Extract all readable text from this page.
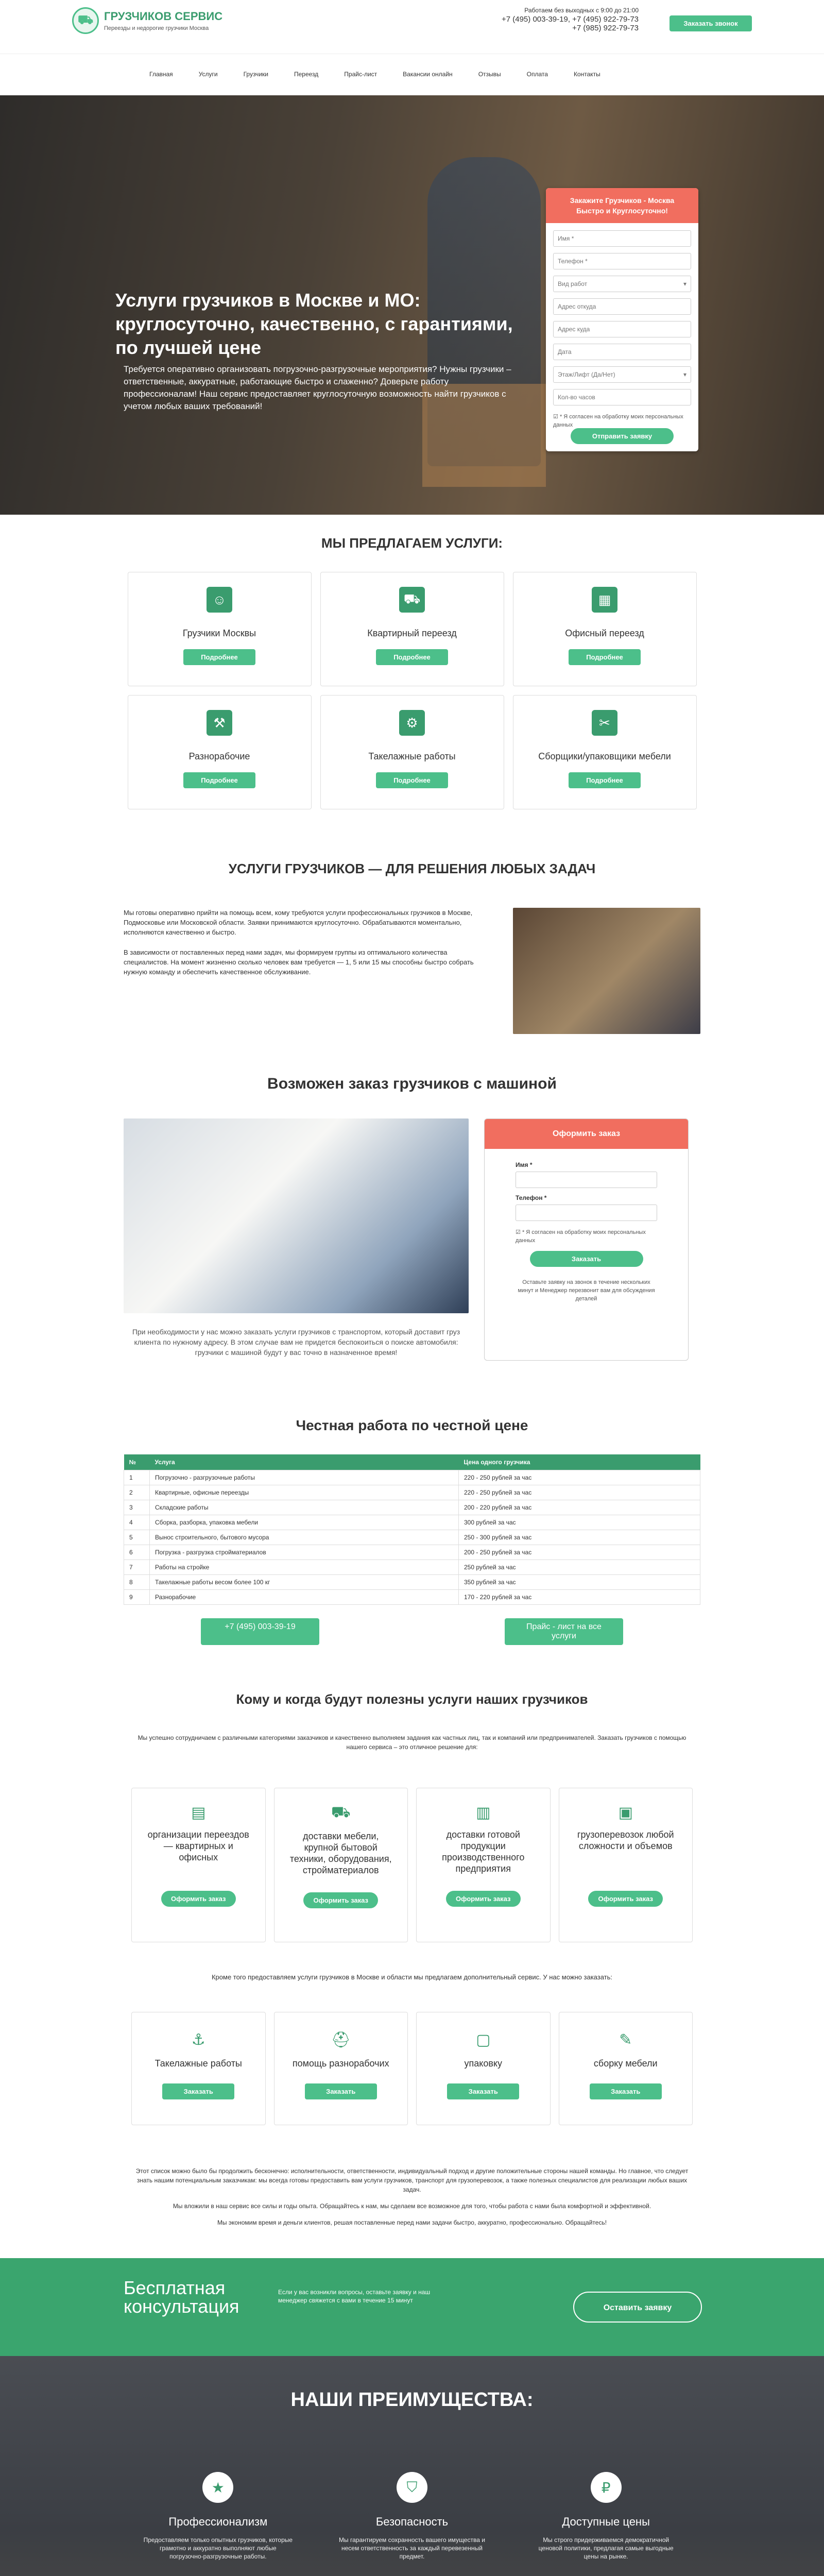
⛟ ГРУЗЧИКОВ СЕРВИС
Переезды и недорогие грузчики Москва
Работаем без выходных с 9:00 до 21:00
+7 (495) 003-39-19, +7 (495) 922-79-73
+7 (985) 922-79-73
Заказать звонок
Главная	Услуги	Грузчики	Переезд	Прайс-лист	Вакансии онлайн	Отзывы	Оплата	Контакты
Услуги грузчиков в Москве и МО: круглосуточно, качественно, с гарантиями, по лучшей цене

Требуется оперативно организовать погрузочно-разгрузочные мероприятия? Нужны грузчики – ответственные, аккуратные, работающие быстро и слаженно? Доверьте работу профессионалам! Наш сервис предоставляет круглосуточную возможность найти грузчиков с учетом любых ваших требований!

Закажите Грузчиков - Москва Быстро и Круглосуточно!
Имя *
Телефон *
Вид работ	▾
Адрес откуда
Адрес куда
Дата
Этаж/Лифт (Да/Нет)	▾
Кол-во часов ☑ * Я согласен на обработку моих персональных данных
Отправить заявку
МЫ ПРЕДЛАГАЕМ УСЛУГИ:
☺
Грузчики Москвы
Подробнее
⛟
Квартирный переезд
Подробнее
▦
Офисный переезд
Подробнее
⚒
Разнорабочие
Подробнее
⚙
Такелажные работы
Подробнее
✂
Сборщики/упаковщики мебели
Подробнее
УСЛУГИ ГРУЗЧИКОВ — ДЛЯ РЕШЕНИЯ ЛЮБЫХ ЗАДАЧ

Мы готовы оперативно прийти на помощь всем, кому требуются услуги профессиональных грузчиков в Москве, Подмосковье или Московской области. Заявки принимаются круглосуточно. Обрабатываются моментально, исполняются качественно и быстро.

В зависимости от поставленных перед нами задач, мы формируем группы из оптимального количества специалистов. На момент жизненно сколько человек вам требуется — 1, 5 или 15 мы способны быстро собрать нужную команду и обеспечить качественное обслуживание.

Возможен заказ грузчиков с машиной

При необходимости у нас можно заказать услуги грузчиков с транспортом, который доставит груз клиента по нужному адресу. В этом случае вам не придется беспокоиться о поиске автомобиля: грузчики с машиной будут у вас точно в назначенное время!

Оформить заказ
Имя *
Телефон *
☑ * Я согласен на обработку моих персональных данных
Заказать

Оставьте заявку на звонок в течение нескольких минут и Менеджер перезвонит вам для обсуждения деталей

Честная работа по честной цене
№	Услуга	Цена одного грузчика
1	Погрузочно - разгрузочные работы	220 - 250 рублей за час
2	Квартирные, офисные переезды	220 - 250 рублей за час
3	Складские работы	200 - 220 рублей за час
4	Сборка, разборка, упаковка мебели	300 рублей за час
5	Вынос строительного, бытового мусора	250 - 300 рублей за час
6	Погрузка - разгрузка стройматериалов	200 - 250 рублей за час
7	Работы на стройке	250 рублей за час
8	Такелажные работы весом более 100 кг	350 рублей за час
9	Разнорабочие	170 - 220 рублей за час
+7 (495) 003-39-19	Прайс - лист на все услуги
Кому и когда будут полезны услуги наших грузчиков

Мы успешно сотрудничаем с различными категориями заказчиков и качественно выполняем задания как частных лиц, так и компаний или предпринимателей. Заказать грузчиков с помощью нашего сервиса – это отличное решение для:

▤
организации переездов — квартирных и офисных
Оформить заказ
⛟
доставки мебели, крупной бытовой техники, оборудования, стройматериалов
Оформить заказ
▥
доставки готовой продукции производственного предприятия
Оформить заказ
▣
грузоперевозок любой сложности и объемов
Оформить заказ

Кроме того предоставляем услуги грузчиков в Москве и области мы предлагаем дополнительный сервис. У нас можно заказать:

⚓
Такелажные работы
Заказать
⛑
помощь разнорабочих
Заказать
▢
упаковку
Заказать
✎
сборку мебели
Заказать

Этот список можно было бы продолжить бесконечно: исполнительности, ответственности, индивидуальный подход и другие положительные стороны нашей команды. Но главное, что следует знать нашим потенциальным заказчикам: мы всегда готовы предоставить вам услуги грузчиков, транспорт для грузоперевозок, а также полезных специалистов для реализации любых ваших задач.

Мы вложили в наш сервис все силы и годы опыта. Обращайтесь к нам, мы сделаем все возможное для того, чтобы работа с нами была комфортной и эффективной.

Мы экономим время и деньги клиентов, решая поставленные перед нами задачи быстро, аккуратно, профессионально. Обращайтесь!

Бесплатная
консультация

Если у вас возникли вопросы, оставьте заявку и наш менеджер свяжется с вами в течение 15 минут

Оставить заявку
НАШИ ПРЕИМУЩЕСТВА:
★
Профессионализм

Предоставляем только опытных грузчиков, которые грамотно и аккуратно выполняют любые погрузочно-разгрузочные работы.

⛉
Безопасность

Мы гарантируем сохранность вашего имущества и несем ответственность за каждый перевезенный предмет.

₽
Доступные цены

Мы строго придерживаемся демократичной ценовой политики, предлагая самые выгодные цены на рынке.
